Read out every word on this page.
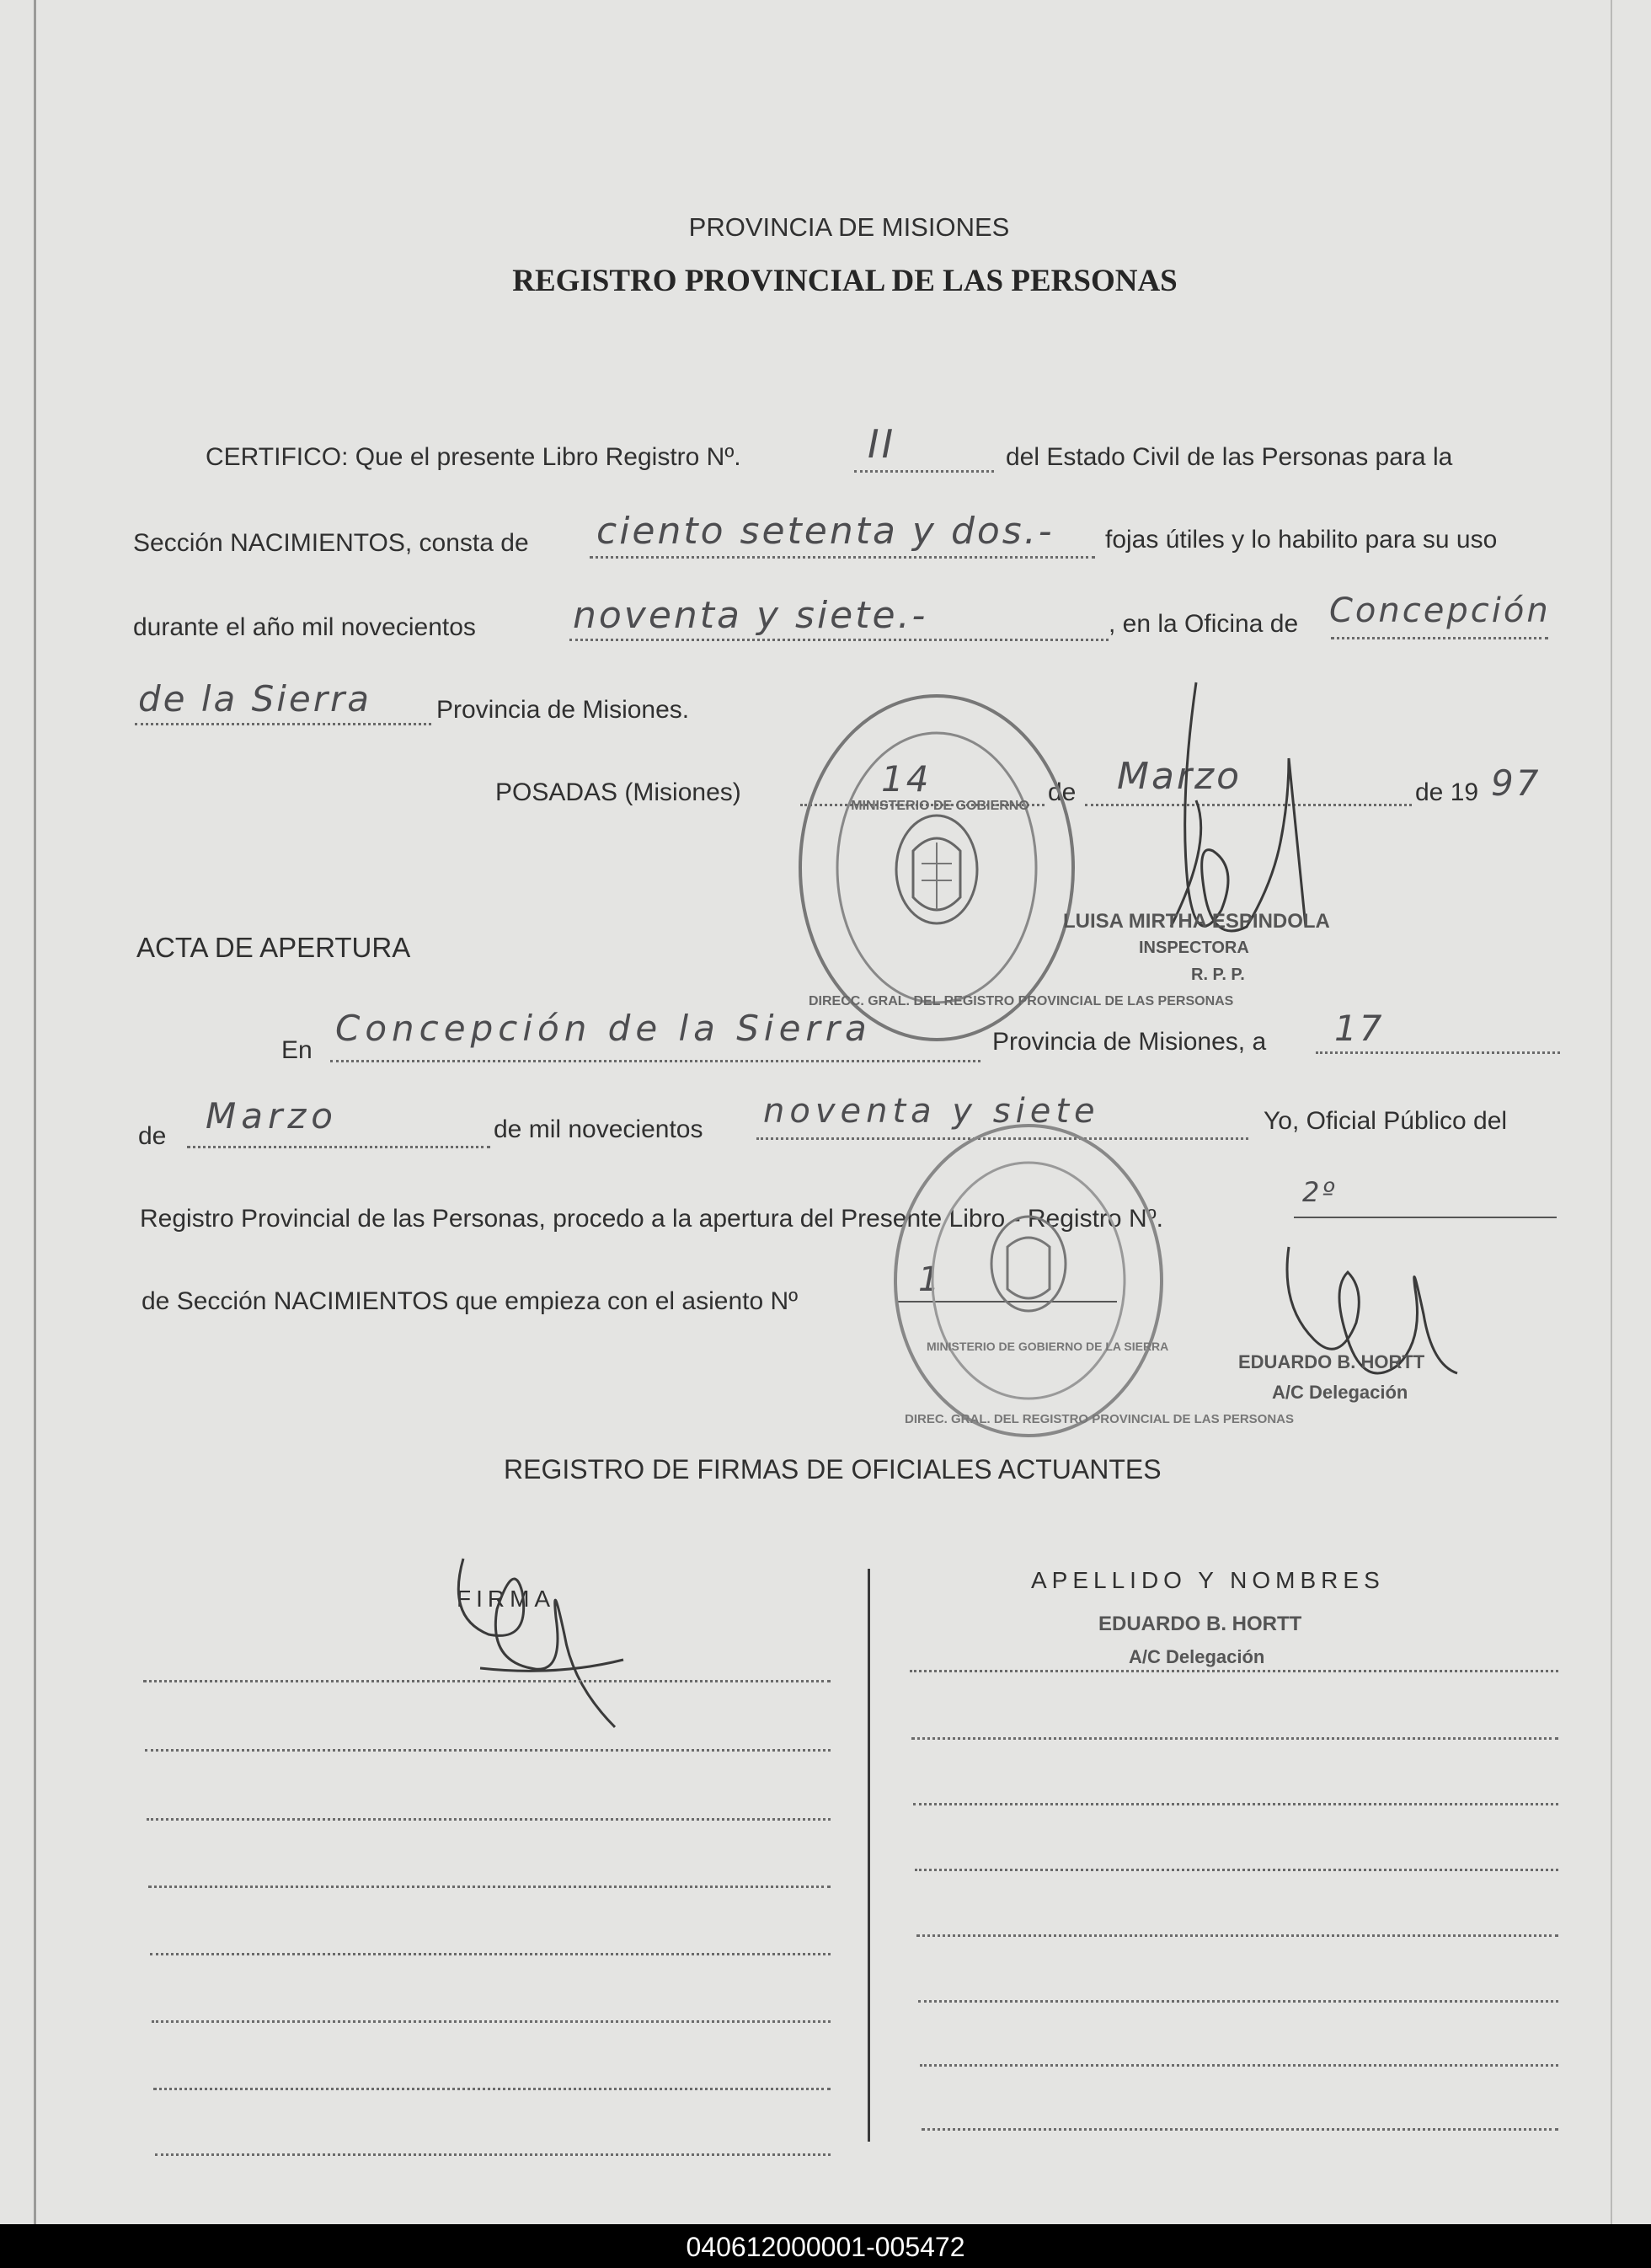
PROVINCIA DE MISIONES
REGISTRO PROVINCIAL DE LAS PERSONAS
CERTIFICO: Que el presente Libro Registro Nº.	II	del Estado Civil de las Personas para la
Sección NACIMIENTOS, consta de ciento setenta y dos.- fojas útiles y lo habilito para su uso
durante el año mil novecientos	noventa y siete.-	, en la Oficina de Concepción
de la Sierra	Provincia de Misiones.
POSADAS (Misiones)	14	de Marzo	de 19 97
DIRECC. GRAL. DEL REGISTRO PROVINCIAL DE LAS PERSONAS
MINISTERIO DE GOBIERNO
LUISA MIRTHA ESPINDOLA
INSPECTORA
R. P. P.
ACTA DE APERTURA
En
Concepción de la Sierra	Provincia de Misiones, a 17
de Marzo	de mil novecientos noventa y siete	Yo, Oficial Público del
Registro Provincial de las Personas, procedo a la apertura del Presente Libro - Registro Nº.
2º
de Sección NACIMIENTOS que empieza con el asiento Nº
1
DIREC. GRAL. DEL REGISTRO PROVINCIAL DE LAS PERSONAS
MINISTERIO DE GOBIERNO DE LA SIERRA
EDUARDO B. HORTT
A/C Delegación
REGISTRO DE FIRMAS DE OFICIALES ACTUANTES
FIRMA
APELLIDO Y NOMBRES
EDUARDO B. HORTT
A/C Delegación
040612000001-005472
